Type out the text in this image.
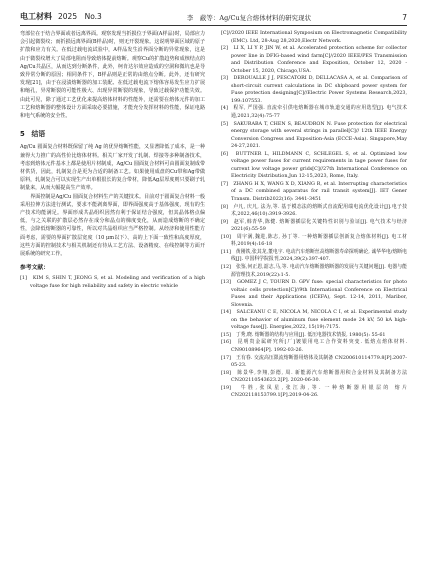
电工材料 2025　No.3	李　蔽等：Ag/Cu复合熔体材料的研究现状	7

弯部位在于结合界面或者远离界面。观察发现当折损位于界面(A样品)时，局部应力会引起微裂纹；而折损远离界面(B样品)时，则无开裂现象。这说明界面区域的原子扩散和应力有关。在低过载电流试验中，A样品发生沿界面分断的异常现象，这是由于微裂纹增大了局部电阻而导致熔体提前熔断。观察Cu的扩散趋势和成核结点的Ag/Cu共晶区，从而达到分断条件，此外，柯肯达尔效应造成的空洞和微坑也是导致异常分断的原因；相同条件下，B样品则是正常的由熔点分断。此外，还有研究发现[21]，由于在浸渍熔断器的加工装配、在低过载电流下熔体容易发生应力扩展和缩孔，异常断裂的可能性极大、出现异常断裂的现象，导致过载保护功能失效。由此可见，除了通过工艺优化来提高熔体材料的性能外，还需要在熔体元件的加工工艺和熔断器的整体设计方面采取必要措施，才能充分发挥材料的性能，保证电路和电气系统的安全性。

5　结语

Ag/Cu 圆面复合材料既保留了纯 Ag 的优异熔断性能，又显著降低了成本，是一种兼得大力推广的高性价比熔体材料。相关厂家开发了轧制、焊接等多种制备技术，考虑到熔体元件基本上都是使用片材制成，Ag/Cu 圆面复合材料可由圆面复制成带材供货，因此，轧制复合是更为合适的制备工艺。如果使用成盘的Cu带和Ag带做原料，轧制复合可以实现生产出单根很长的复合带材，降低Ag层厚度则只要刷子轧制量来，从而大幅提高生产效率。
　　界面控制是Ag/Cu 圆面复合材料生产的关键技术。目前对于圆面复合材料一般采用拉伸方法进行测试，要求不能剥离界面，即界面强度高于基体强度，现有的生产技术均能满足。界面形成共晶组织因然有利于保证结合强度，但其晶体格点偏低，与之关联的扩散层必然存在成分和晶点的梯度变化，从而造成熔断的不确定性，会降低熔断器的可靠性，所以对共晶组织应当严格控制。从经济和使用性能方面考虑，需要的界面扩散层宽度（10 μm以下）、高的上下面一致性和高度厚度，这些方面的控制技术与相关机制还有待从工艺方法、设备精度、在线控制等方面开展系统的研究工作。

参考文献：

[1]　KIM S, SHIN T, JEONG S, et al. Modeling and verification of a high voltage fuse for high reliability and safety in electric vehicle

[C]//2020 IEEE International Symposium on Electromagnetic Compatibility (EMC). Ltd, 28-Aug 28,2020,Electr Network.

[2]　LI X, LI Y P, JIN W, et al. Accelerated protection scheme for collector power line in DFIG-based wind farm[C]//2020 IEEE/PES Transmission and Distribution Conference and Exposition, October 12, 2020 - October 15, 2020, Chicago,USA.

[3]　DEROUALLE J J, PESCATORI D, DELLACASA A, et al. Comparison of short-circuit current calculations in DC shipboard power system for Fuse protection designing[C]//Electric Power Systems Research,2023, 199:107553.

[4]　程军, 严国强. 直流牵引供电熔断器在城市轨道交通的应用选型[J]. 电气技术通,2021,32(4):75-77

[5]　SAKURABA T, CHEN S, BEAUDRON N. Fuse protection for electrical energy storage with several strings in parallel[C]// 12th IEEE Energy Conversion Congress and Exposition-Asia (ECCE-Asia). Singapore,May 24-27,2021.

[6]　BUTTNER L, HILDMANN C, SCHLEGEL S, et al. Optimized low voltage power fuses for current requirements in tage power fuses for current low voltage power grids[C]//27th International Conference on Electricity Distribution,Jun 12-15,2023, Rome, Italy.

[7]　ZHANG H X, WANG X D, XIANG R, et al. Interrupting characteristics of a DC combined apparatus for rail transit system[J]. IET Gener Transm. Distrib2022(16): 3441-3451

[8]　卢凡, 庆凡, 法为,等. 基于模态法的熔断式直流配用端电流优化设计[J].电子技术,2022,46(10):3919-3926.

[9]　赵军,韩青华,陈健. 熔断器插层化关键特性识别与验证[J]. 电气技术与经济 2021(6):55-59

[10]　周宇满,魏进,陈志, 孙丁等. 一种熔断器插层创新复合熔体材料[J]. 电工材料,2019(4):16-18

[11]　黄刚铁,张其龙,董电宇. 电动汽车熔断丝高熔断器寿命探明确论, 诚华华电/熔断电线[J]. 中国科学院报刊,2024,39(2):397-407.

[12]　张鉴,何正恩,韶志,马,等. 电动汽车熔断器熔断器的发展与关键问题[J]. 电器与能源管理技术,2019(22):1-5.

[13]　GOMEZ J C, TOURN D. GPV fuse: special characteristics for photo voltaic cells protection[C]//9th International Conference on Electrical Fuses and their Applications (ICEFA), Sept. 12-14, 2011, Maribor, Slovenia.

[14]　SALCEANU C E, NICOLA M, NICOLA C I, et al. Experimental study on the behavior of aluminum fuse element mode 24 kV, 50 kA high-voltage fuse[J]. Energies,2022, 15(19):7175.

[15]　丁秀,晓. 熔断器的结构与应用[J]. 低压电器技术情报, 1980(5): 55-61

[16]　昆明贵金属研究所[厂]镀银用电工合作资料突变. 低熔点熔体材料. CN90108964[P]. 1992-03-26.

[17]　王有春. 交流高压限流熔断器用熔体及其制备 CN200610114779.8[P].2007-05-23.

[18]　陈景华,李翔,彭德, 周. 新能源汽车熔断器用积合金材料及其制备方法 CN202110543623.2[P]. 2020-06-30.

[19]　牛胜,张凤星,张江海,等. 一种熔断器用银层的 熔片 CN202118153799.1[P].2019-04-26.
